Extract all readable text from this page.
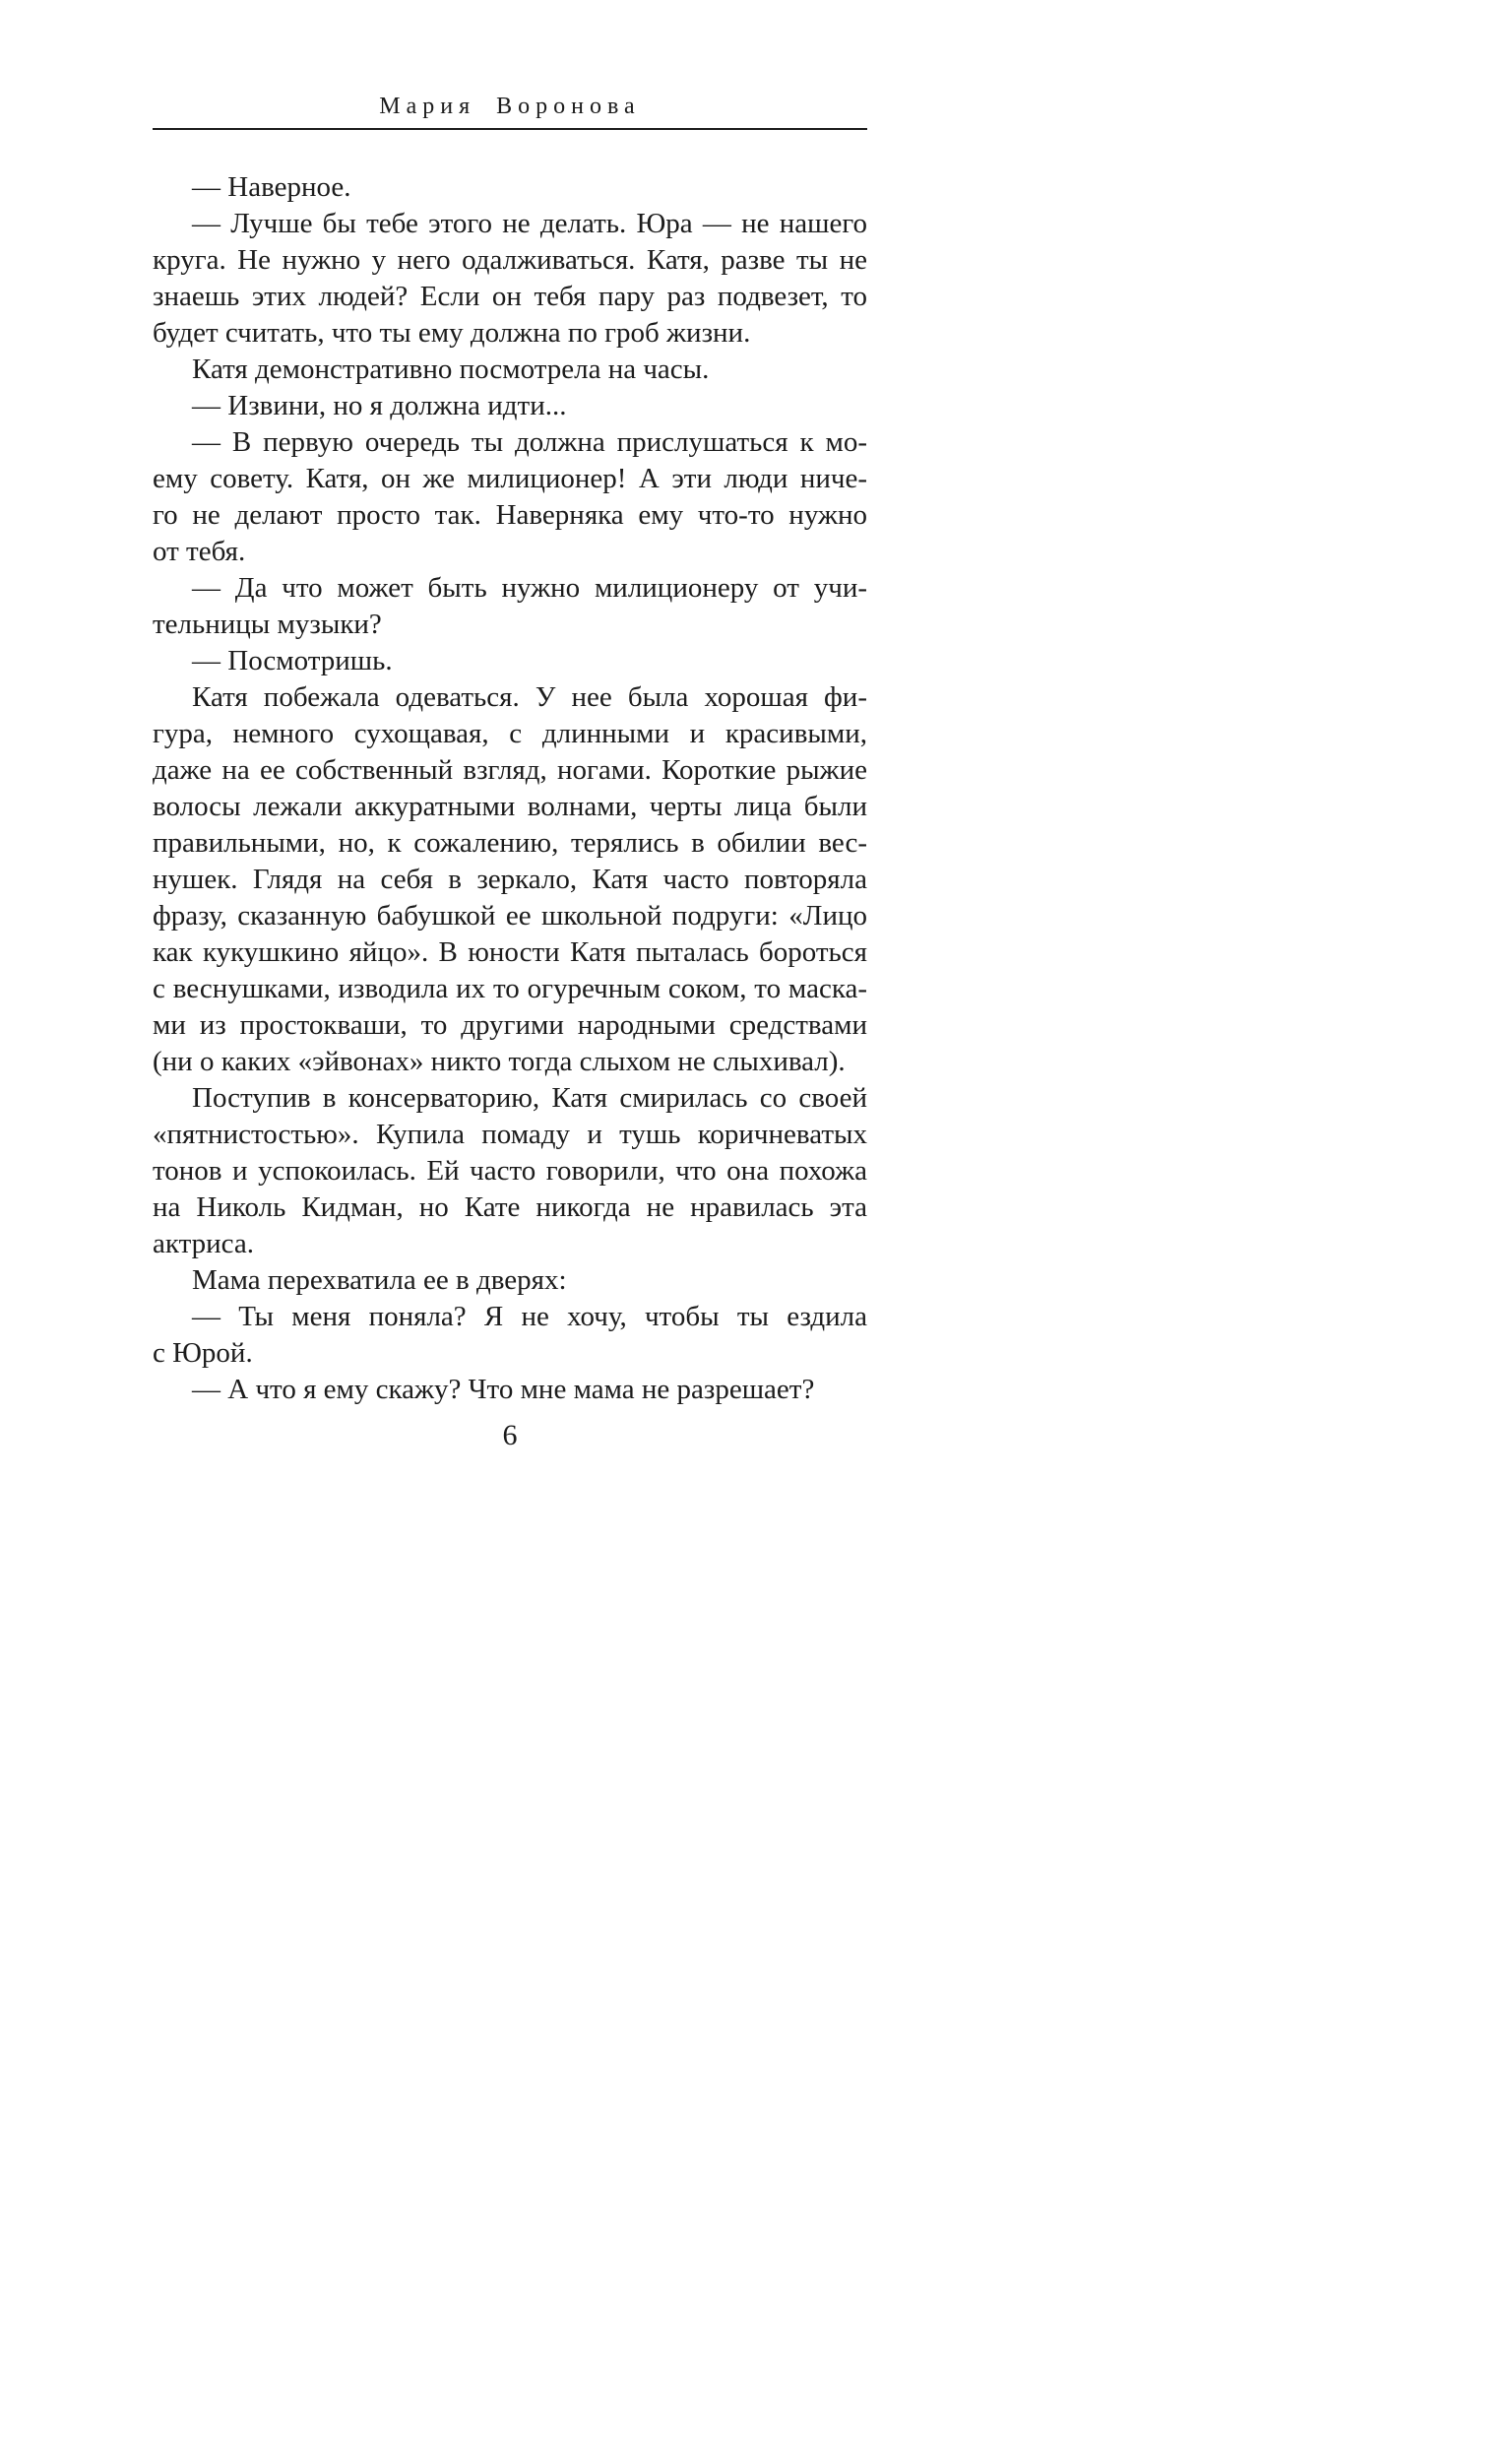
Мария Воронова
— Наверное.
— Лучше бы тебе этого не делать. Юра — не нашего
круга. Не нужно у него одалживаться. Катя, разве ты не
знаешь этих людей? Если он тебя пару раз подвезет, то
будет считать, что ты ему должна по гроб жизни.
Катя демонстративно посмотрела на часы.
— Извини, но я должна идти...
— В первую очередь ты должна прислушаться к мо-
ему совету. Катя, он же милиционер! А эти люди ниче-
го не делают просто так. Наверняка ему что-то нужно
от тебя.
— Да что может быть нужно милиционеру от учи-
тельницы музыки?
— Посмотришь.
Катя побежала одеваться. У нее была хорошая фи-
гура, немного сухощавая, с длинными и красивыми,
даже на ее собственный взгляд, ногами. Короткие рыжие
волосы лежали аккуратными волнами, черты лица были
правильными, но, к сожалению, терялись в обилии вес-
нушек. Глядя на себя в зеркало, Катя часто повторяла
фразу, сказанную бабушкой ее школьной подруги: «Лицо
как кукушкино яйцо». В юности Катя пыталась бороться
с веснушками, изводила их то огуречным соком, то маска-
ми из простокваши, то другими народными средствами
(ни о каких «эйвонах» никто тогда слыхом не слыхивал).
Поступив в консерваторию, Катя смирилась со своей
«пятнистостью». Купила помаду и тушь коричневатых
тонов и успокоилась. Ей часто говорили, что она похожа
на Николь Кидман, но Кате никогда не нравилась эта
актриса.
Мама перехватила ее в дверях:
— Ты меня поняла? Я не хочу, чтобы ты ездила
с Юрой.
— А что я ему скажу? Что мне мама не разрешает?
6
